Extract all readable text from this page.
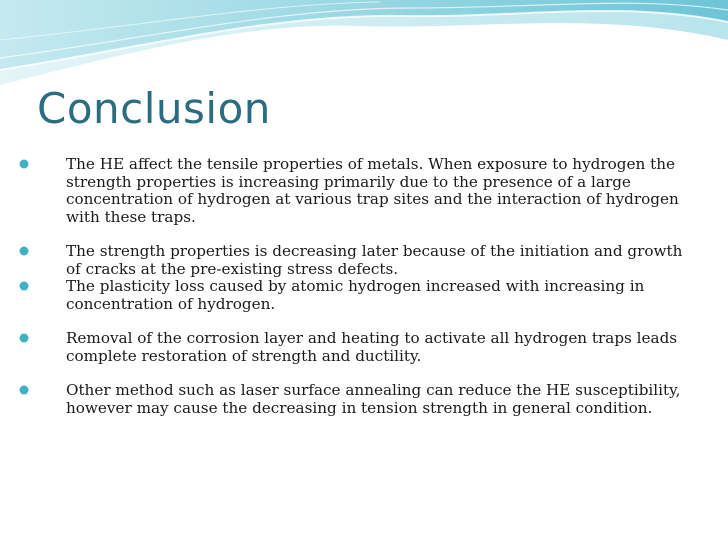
Conclusion
The HE affect the tensile properties of metals. When exposure to hydrogen the strength properties is increasing primarily due to the presence of a large concentration of hydrogen at various trap sites and the interaction of hydrogen with these traps.
The strength properties is decreasing later because of the initiation and growth of cracks at the pre-existing stress defects.
The plasticity loss caused by atomic hydrogen increased with increasing in concentration of hydrogen.
Removal of the corrosion layer and heating to activate all hydrogen traps leads complete restoration of strength and ductility.
Other method such as laser surface annealing can reduce the HE susceptibility, however may cause the decreasing in tension strength in general condition.
